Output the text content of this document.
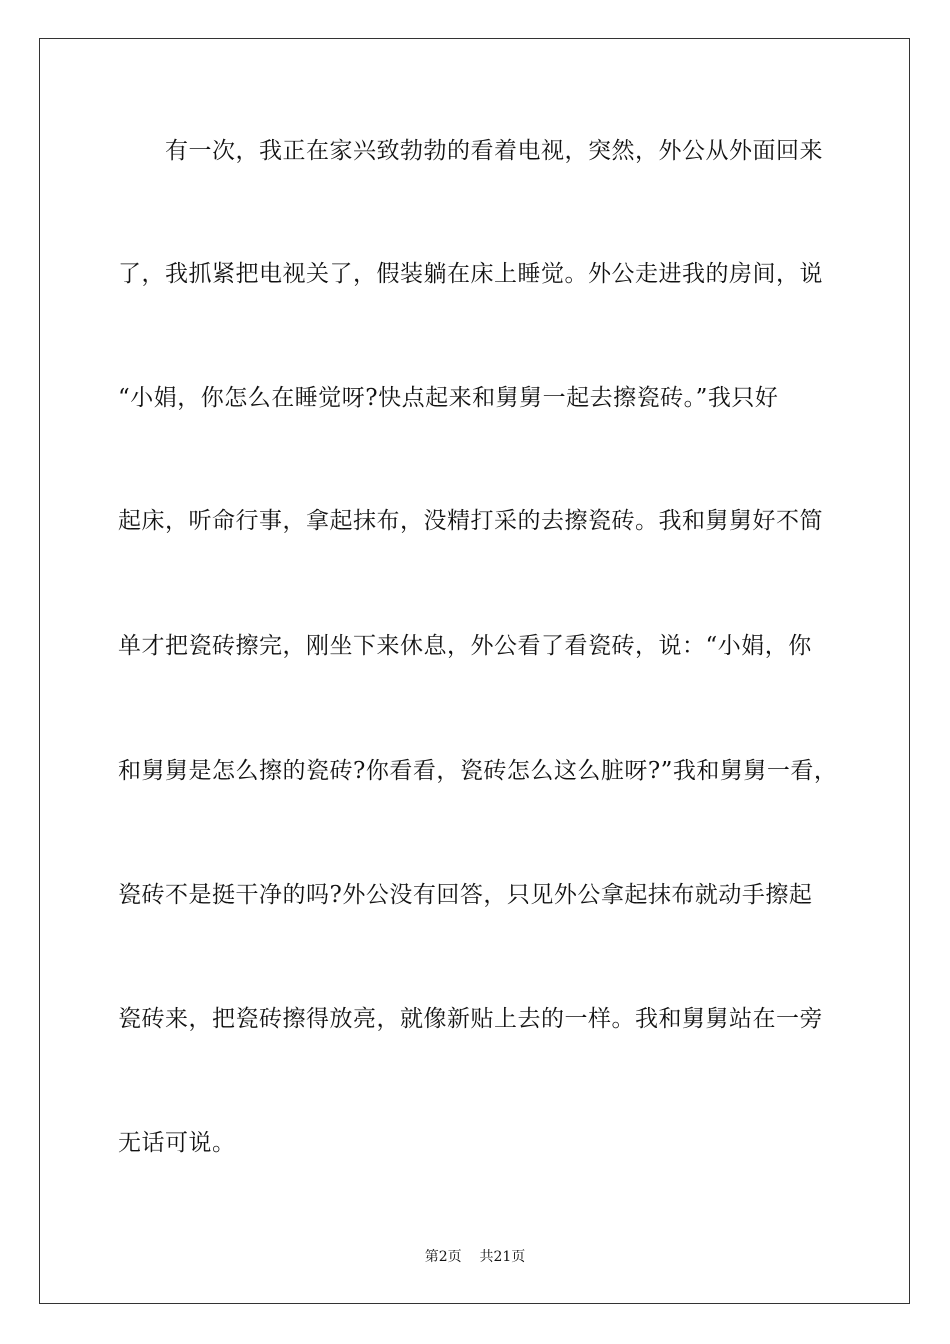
　　有一次，我正在家兴致勃勃的看着电视，突然，外公从外面回来
了，我抓紧把电视关了，假装躺在床上睡觉。外公走进我的房间，说
“小娟，你怎么在睡觉呀?快点起来和舅舅一起去擦瓷砖。”我只好
起床，听命行事，拿起抹布，没精打采的去擦瓷砖。我和舅舅好不简
单才把瓷砖擦完，刚坐下来休息，外公看了看瓷砖，说：“小娟，你
和舅舅是怎么擦的瓷砖?你看看，瓷砖怎么这么脏呀?”我和舅舅一看，
瓷砖不是挺干净的吗?外公没有回答，只见外公拿起抹布就动手擦起
瓷砖来，把瓷砖擦得放亮，就像新贴上去的一样。我和舅舅站在一旁
无话可说。
第2页 共21页
